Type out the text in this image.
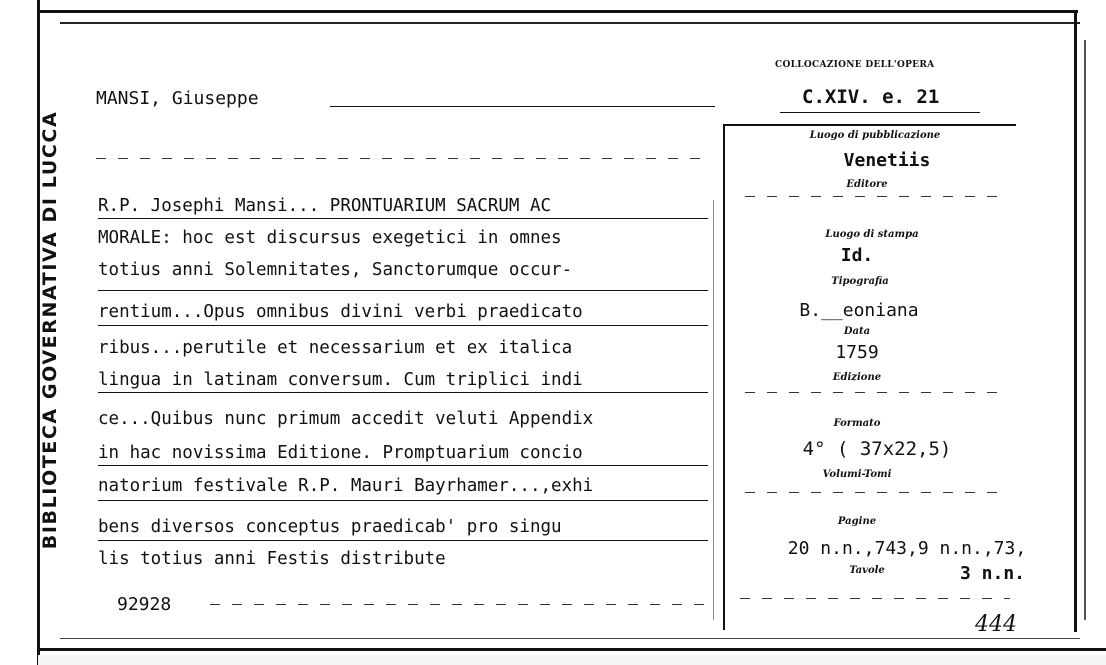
BIBLIOTECA GOVERNATIVA DI LUCCA
MANSI, Giuseppe
COLLOCAZIONE DELL'OPERA
C.XIV. e. 21
R.P. Josephi Mansi... PRONTUARIUM SACRUM AC
MORALE: hoc est discursus exegetici in omnes
totius anni Solemnitates, Sanctorumque occur-
rentium...Opus omnibus divini verbi praedicato
ribus...perutile et necessarium et ex italica
lingua in latinam conversum. Cum triplici indi
ce...Quibus nunc primum accedit veluti Appendix
in hac novissima Editione. Promptuarium concio
natorium festivale R.P. Mauri Bayrhamer...,exhi
bens diversos conceptus praedicab' pro singu
lis totius anni Festis distribute
92928
Luogo di pubblicazione
Venetiis
Editore
Luogo di stampa
Id.
Tipografia
B.__eoniana
Data
1759
Edizione
Formato
4° ( 37x22,5)
Volumi-Tomi
Pagine
20 n.n.,743,9 n.n.,73,
Tavole	3 n.n.
444
